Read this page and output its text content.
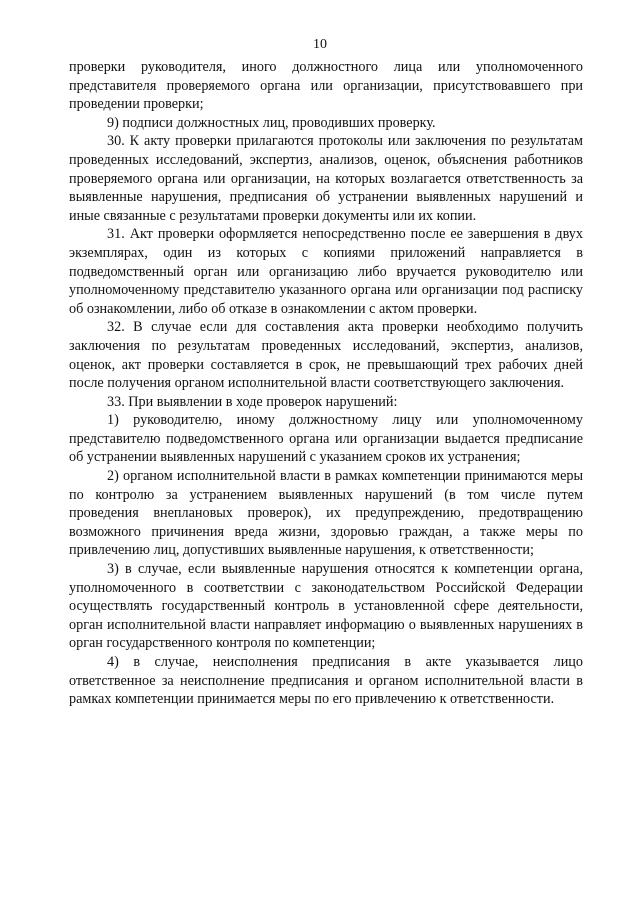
10

проверки руководителя, иного должностного лица или уполномоченного представителя проверяемого органа или организации, присутствовавшего при проведении проверки;

9) подписи должностных лиц, проводивших проверку.

30. К акту проверки прилагаются протоколы или заключения по результатам проведенных исследований, экспертиз, анализов, оценок, объяснения работников проверяемого органа или организации, на которых возлагается ответственность за выявленные нарушения, предписания об устранении выявленных нарушений и иные связанные с результатами проверки документы или их копии.

31. Акт проверки оформляется непосредственно после ее завершения в двух экземплярах, один из которых с копиями приложений направляется в подведомственный орган или организацию либо вручается руководителю или уполномоченному представителю указанного органа или организации под расписку об ознакомлении, либо об отказе в ознакомлении с актом проверки.

32. В случае если для составления акта проверки необходимо получить заключения по результатам проведенных исследований, экспертиз, анализов, оценок, акт проверки составляется в срок, не превышающий трех рабочих дней после получения органом исполнительной власти соответствующего заключения.

33. При выявлении в ходе проверок нарушений:

1) руководителю, иному должностному лицу или уполномоченному представителю подведомственного органа или организации выдается предписание об устранении выявленных нарушений с указанием сроков их устранения;

2) органом исполнительной власти в рамках компетенции принимаются меры по контролю за устранением выявленных нарушений (в том числе путем проведения внеплановых проверок), их предупреждению, предотвращению возможного причинения вреда жизни, здоровью граждан, а также меры по привлечению лиц, допустивших выявленные нарушения, к ответственности;

3) в случае, если выявленные нарушения относятся к компетенции органа, уполномоченного в соответствии с законодательством Российской Федерации осуществлять государственный контроль в установленной сфере деятельности, орган исполнительной власти направляет информацию о выявленных нарушениях в орган государственного контроля по компетенции;

4) в случае, неисполнения предписания в акте указывается лицо ответственное за неисполнение предписания и органом исполнительной власти в рамках компетенции принимается меры по его привлечению к ответственности.
